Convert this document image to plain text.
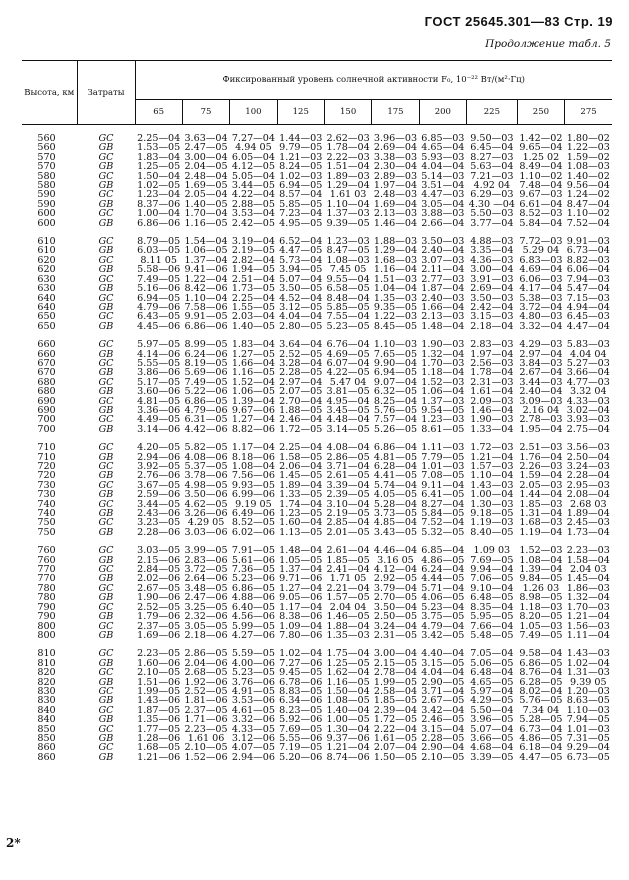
ГОСТ 25645.301—83 Стр. 19
Продолжение табл. 5
Высота, км	Затраты	Фиксированный уровень солнечной активности F₀, 10⁻²² Вт/(м²·Гц)									
		65	75	100	125	150	175	200	225	250	275

560	GC	2.25—04	3.63—04	7.27—04	1.44—03	2.62—03	3.96—03	6.85—03	9.50—03	1.42—02	1.80—02
560	GB	1.53—05	2.47—05	4.94 05	9.79—05	1.78—04	2.69—04	4.65—04	6.45—04	9.65—04	1.22—03
570	GC	1.83—04	3.00—04	6.05—04	1.21—03	2.22—03	3.38—03	5.93—03	8.27—03	1.25 02	1.59—02
570	GB	1.25—05	2.04—05	4.12—05	8.24—05	1.51—04	2.30—04	4.04—04	5.63—04	8.49—04	1.08—03
580	GC	1.50—04	2.48—04	5.05—04	1.02—03	1.89—03	2.89—03	5.14—03	7.21—03	1.10—02	1.40—02
580	GB	1.02—05	1.69—05	3.44—05	6.94—05	1.29—04	1.97—04	3.51—04	4.92 04	7.48—04	9.56—04
590	GC	1.23—04	2.05—04	4.22—04	8.57—04	1.61 03	2.48—03	4.47—03	6.29—03	9.67—03	1.24—02
590	GB	8.37—06	1.40—05	2.88—05	5.85—05	1.10—04	1.69—04	3.05—04	4.30 —04	6.61—04	8.47—04
600	GC	1.00—04	1.70—04	3.53—04	7.23—04	1.37—03	2.13—03	3.88—03	5.50—03	8.52—03	1.10—02
600	GB	6.86—06	1.16—05	2.42—05	4.95—05	9.39—05	1.46—04	2.66—04	3.77—04	5.84—04	7.52—04

610	GC	8.79—05	1.54—04	3.19—04	6.52—04	1.23—03	1.88—03	3.50—03	4.88—03	7.72—03	9.91—03
610	GB	6.03—05	1.06—05	2.19—05	4.47—05	8.47—05	1.29—04	2.40—04	3.35—04	5.29 04	6.73—04
620	GC	8.11 05	1.37—04	2.82—04	5.73—04	1.08—03	1.68—03	3.07—03	4.36—03	6.83—03	8.82—03
620	GB	5.58—06	9.41—06	1.94—05	3.94—05	7.45 05	1.16—04	2.11—04	3.00—04	4.69—04	6.06—04
630	GC	7.49—05	1.22—04	2.51—04	5.07—04	9.55—04	1.51—03	2.77—03	3.91—03	6.06—03	7.94—03
630	GB	5.16—06	8.42—06	1.73—05	3.50—05	6.58—05	1.04—04	1.87—04	2.69—04	4.17—04	5.47—04
640	GC	6.94—05	1.10—04	2.25—04	4.52—04	8.48—04	1.35—03	2.40—03	3.50—03	5.38—03	7.15—03
640	GB	4.79—06	7.58—06	1.55—05	3.12—05	5.85—05	9.35—05	1.66—04	2.42—04	3.72—04	4.94—04
650	GC	6.43—05	9.91—05	2.03—04	4.04—04	7.55—04	1.22—03	2.13—03	3.15—03	4.80—03	6.45—03
650	GB	4.45—06	6.86—06	1.40—05	2.80—05	5.23—05	8.45—05	1.48—04	2.18—04	3.32—04	4.47—04

660	GC	5.97—05	8.99—05	1.83—04	3.64—04	6.76—04	1.10—03	1.90—03	2.83—03	4.29—03	5.83—03
660	GB	4.14—06	6.24—06	1.27—05	2.52—05	4.69—05	7.65—05	1.32—04	1.97—04	2.97—04	4.04 04
670	GC	5.55—05	8.19—05	1.66—04	3.28—04	6.07—04	9.90—04	1.70—03	2.56—03	3.84—03	5.27—03
670	GB	3.86—06	5.69—06	1.16—05	2.28—05	4.22—05	6.94—05	1.18—04	1.78—04	2.67—04	3.66—04
680	GC	5.17—05	7.49—05	1.52—04	2.97—04	5.47 04	9.07—04	1.52—03	2.31—03	3.44—03	4.77—03
680	GB	3.60—06	5.22—06	1.06—05	2.07—05	3.81—05	6.32—05	1.06—04	1.61—04	2.40—04	3.32 04
690	GC	4.81—05	6.86—05	1.39—04	2.70—04	4.95—04	8.25—04	1.37—03	2.09—03	3.09—03	4.33—03
690	GB	3.36—06	4.79—06	9.67—06	1.88—05	3.45—05	5.76—05	9.54—05	1.46—04	2.16 04	3.02—04
700	GC	4.49—05	6.31—05	1.27—04	2.46—04	4.48—04	7.57—04	1.23—03	1.90—03	2.78—03	3.93—03
700	GB	3.14—06	4.42—06	8.82—06	1.72—05	3.14—05	5.26—05	8.61—05	1.33—04	1.95—04	2.75—04

710	GC	4.20—05	5.82—05	1.17—04	2.25—04	4.08—04	6.86—04	1.11—03	1.72—03	2.51—03	3.56—03
710	GB	2.94—06	4.08—06	8.18—06	1.58—05	2.86—05	4.81—05	7.79—05	1.21—04	1.76—04	2.50—04
720	GC	3.92—05	5.37—05	1.08—04	2.06—04	3.71—04	6.28—04	1.01—03	1.57—03	2.26—03	3.24—03
720	GB	2.76—06	3.78—06	7.56—06	1.45—05	2.61—05	4.41—05	7.08—05	1.10—04	1.59—04	2.28—04
730	GC	3.67—05	4.98—05	9.93—05	1.89—04	3.39—04	5.74—04	9.11—04	1.43—03	2.05—03	2.95—03
730	GB	2.59—06	3.50—06	6.99—06	1.33—05	2.39—05	4.05—05	6.41—05	1.00—04	1.44—04	2.08—04
740	GC	3.44—05	4.62—05	9.19 05	1.74—04	3.10—04	5.28—04	8.27—04	1.30—03	1.85—03	2.68 03
740	GB	2.43—06	3.26—06	6.49—06	1.23—05	2.19—05	3.73—05	5.84—05	9.18—05	1.31—04	1.89—04
750	GC	3.23—05	4.29 05	8.52—05	1.60—04	2.85—04	4.85—04	7.52—04	1.19—03	1.68—03	2.45—03
750	GB	2.28—06	3.03—06	6.02—06	1.13—05	2.01—05	3.43—05	5.32—05	8.40—05	1.19—04	1.73—04

760	GC	3.03—05	3.99—05	7.91—05	1.48—04	2.61—04	4.46—04	6.85—04	1.09 03	1.52—03	2.23—03
760	GB	2.15—06	2.83—06	5.61—06	1.05—05	1.85—05	3.16 05	4.86—05	7.69—05	1.08—04	1.58—04
770	GC	2.84—05	3.72—05	7.36—05	1.37—04	2.41—04	4.12—04	6.24—04	9.94—04	1.39—04	2.04 03
770	GB	2.02—06	2.64—06	5.23—06	9.71—06	1.71 05	2.92—05	4.44—05	7.06—05	9.84—05	1.45—04
780	GC	2.67—05	3.48—05	6.86—05	1.27—04	2.21—04	3.79—04	5.71—04	9.10—04	1.26 03	1.86—03
780	GB	1.90—06	2.47—06	4.88—06	9.05—06	1.57—05	2.70—05	4.06—05	6.48—05	8.98—05	1.32—04
790	GC	2.52—05	3.25—05	6.40—05	1.17—04	2.04 04	3.50—04	5.23—04	8.35—04	1.18—03	1.70—03
790	GB	1.79—06	2.32—06	4.56—06	8.38—06	1.46—05	2.50—05	3.75—05	5.95—05	8.20—05	1.21—04
800	GC	2.37—05	3.05—05	5.99—05	1.09—04	1.88—04	3.24—04	4.79—04	7.66—04	1.05—03	1.56—03
800	GB	1.69—06	2.18—06	4.27—06	7.80—06	1.35—03	2.31—05	3.42—05	5.48—05	7.49—05	1.11—04

810	GC	2.23—05	2.86—05	5.59—05	1.02—04	1.75—04	3.00—04	4.40—04	7.05—04	9.58—04	1.43—03
810	GB	1.60—06	2.04—06	4.00—06	7.27—06	1.25—05	2.15—05	3.15—05	5.06—05	6.86—05	1.02—04
820	GC	2.10—05	2.68—05	5.23—05	9.45—05	1.62—04	2.78—04	4.04—04	6.48—04	8.76—04	1.31—03
820	GB	1.51—06	1.92—06	3.76—06	6.78—06	1.16—05	1.99—05	2.90—05	4.65—05	6.28—05	9.39 05
830	GC	1.99—05	2.52—05	4.91—05	8.83—05	1.50—04	2.58—04	3.71—04	5.97—04	8.02—04	1.20—03
830	GB	1.43—06	1.81—06	3.53—06	6.34—06	1.08—05	1.85—05	2.67—05	4.29—05	5.76—05	8.63—05
840	GC	1.87—05	2.37—05	4.61—05	8.23—05	1.40—04	2.39—04	3.42—04	5.50—04	7.34 04	1.10—03
840	GB	1.35—06	1.71—06	3.32—06	5.92—06	1.00—05	1.72—05	2.46—05	3.96—05	5.28—05	7.94—05
850	GC	1.77—05	2.23—05	4.33—05	7.69—05	1.30—04	2.22—04	3.15—04	5.07—04	6.73—04	1.01—03
850	GB	1.28—06	1.61 06	3.12—06	5.55—06	9.37—06	1.61—05	2.28—05	3.66—05	4.86—05	7.31—05
860	GC	1.68—05	2.10—05	4.07—05	7.19—05	1.21—04	2.07—04	2.90—04	4.68—04	6.18—04	9.29—04
860	GB	1.21—06	1.52—06	2.94—06	5.20—06	8.74—06	1.50—05	2.10—05	3.39—05	4.47—05	6.73—05
2*
